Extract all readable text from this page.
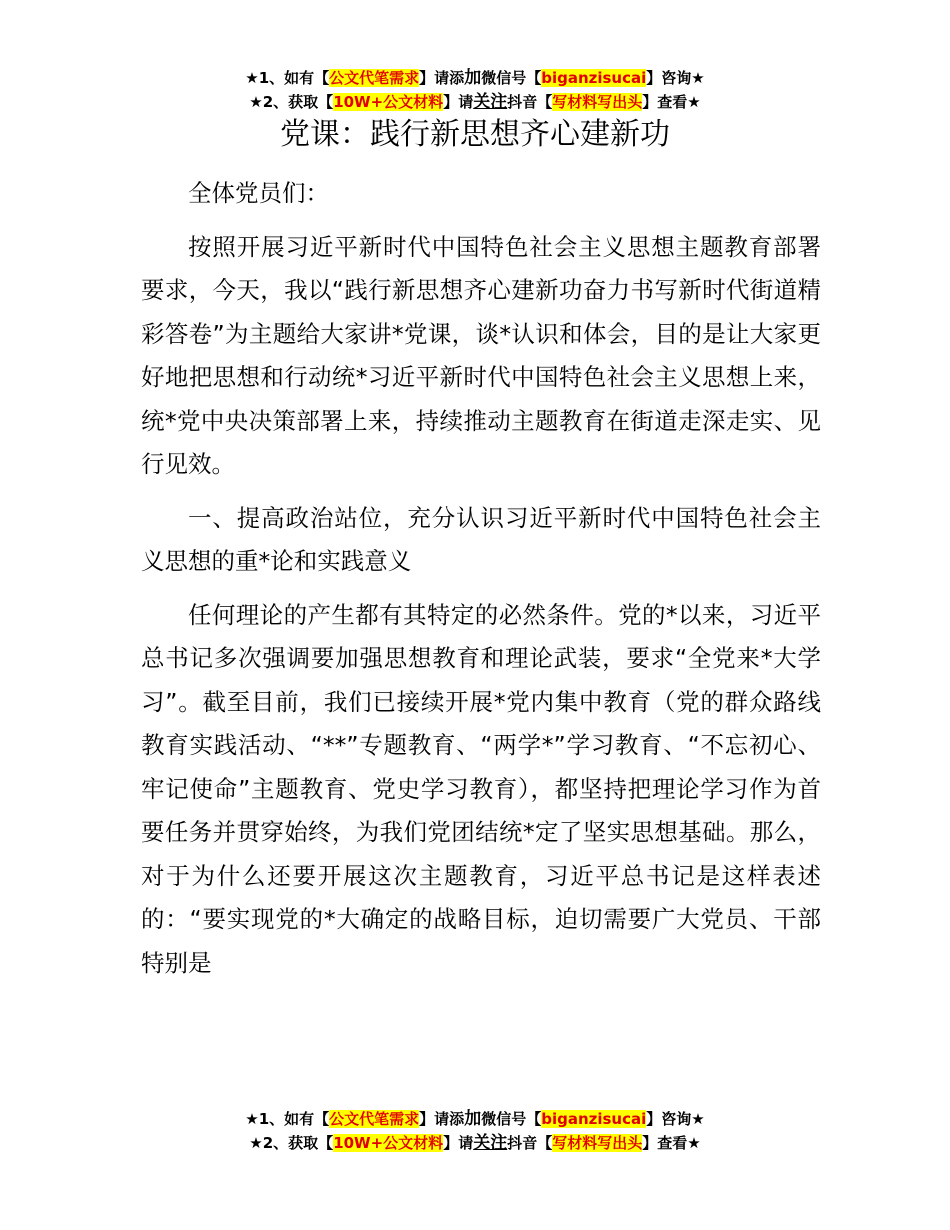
★1、如有【公文代笔需求】请添加微信号【biganzisucai】咨询★
★2、获取【10W+公文材料】请关注抖音【写材料写出头】查看★
党课：践行新思想齐心建新功

全体党员们：

按照开展习近平新时代中国特色社会主义思想主题教育部署要求，今天，我以“践行新思想齐心建新功奋力书写新时代街道精彩答卷”为主题给大家讲*党课，谈*认识和体会，目的是让大家更好地把思想和行动统*习近平新时代中国特色社会主义思想上来，统*党中央决策部署上来，持续推动主题教育在街道走深走实、见行见效。

一、提高政治站位，充分认识习近平新时代中国特色社会主义思想的重*论和实践意义

任何理论的产生都有其特定的必然条件。党的*以来，习近平总书记多次强调要加强思想教育和理论武装，要求“全党来*大学习”。截至目前，我们已接续开展*党内集中教育（党的群众路线教育实践活动、“**”专题教育、“两学*”学习教育、“不忘初心、牢记使命”主题教育、党史学习教育），都坚持把理论学习作为首要任务并贯穿始终，为我们党团结统*定了坚实思想基础。那么，对于为什么还要开展这次主题教育，习近平总书记是这样表述的：“要实现党的*大确定的战略目标，迫切需要广大党员、干部特别是

★1、如有【公文代笔需求】请添加微信号【biganzisucai】咨询★
★2、获取【10W+公文材料】请关注抖音【写材料写出头】查看★
